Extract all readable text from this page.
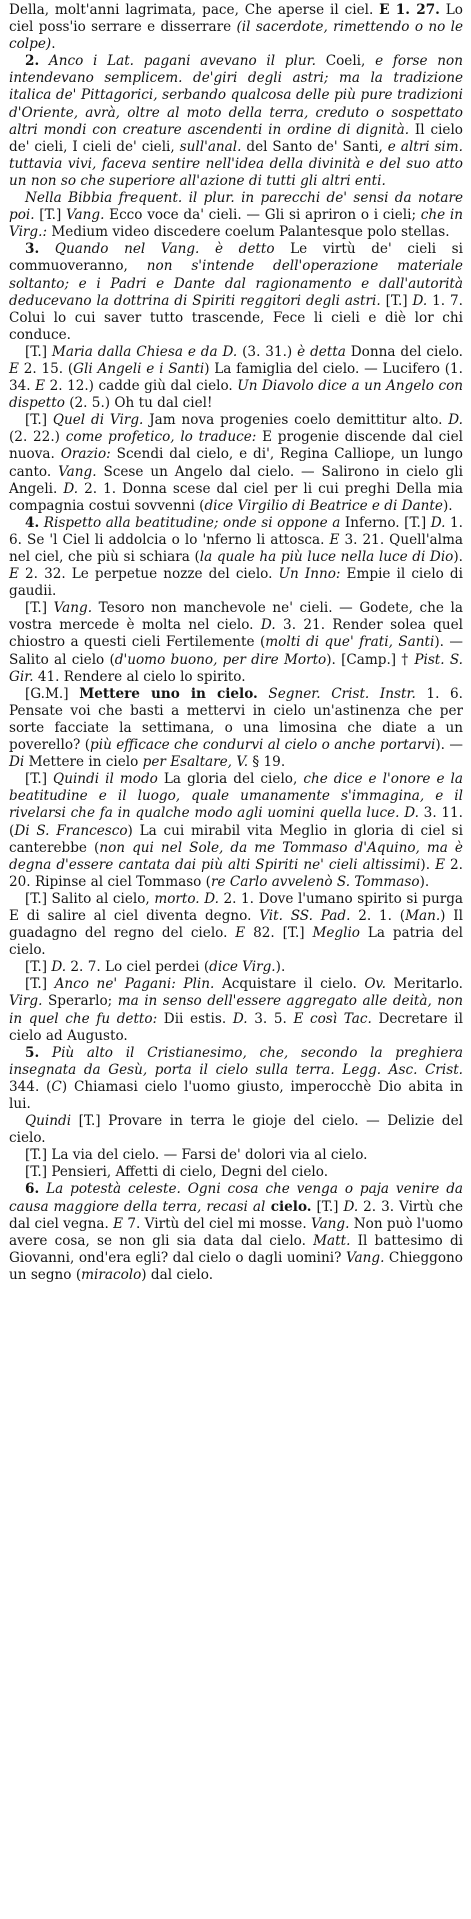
Della, molt'anni lagrimata, pace, Che aperse il ciel. E 1. 27. Lo ciel poss'io serrare e disserrare (il sacerdote, rimettendo o no le colpe).

2. Anco i Lat. pagani avevano il plur. Coeli, e forse non intendevano semplicem. de'giri degli astri; ma la tradizione italica de' Pittagorici, serbando qualcosa delle più pure tradizioni d'Oriente, avrà, oltre al moto della terra, creduto o sospettato altri mondi con creature ascendenti in ordine di dignità. Il cielo de' cieli, I cieli de' cieli, sull'anal. del Santo de' Santi, e altri sim. tuttavia vivi, faceva sentire nell'idea della divinità e del suo atto un non so che superiore all'azione di tutti gli altri enti.

Nella Bibbia frequent. il plur. in parecchi de' sensi da notare poi. [T.] Vang. Ecco voce da' cieli. — Gli si apriron o i cieli; che in Virg.: Medium video discedere coelum Palantesque polo stellas.

3. Quando nel Vang. è detto Le virtù de' cieli si commuoveranno, non s'intende dell'operazione materiale soltanto; e i Padri e Dante dal ragionamento e dall'autorità deducevano la dottrina di Spiriti reggitori degli astri. [T.] D. 1. 7. Colui lo cui saver tutto trascende, Fece li cieli e diè lor chi conduce.

[T.] Maria dalla Chiesa e da D. (3. 31.) è detta Donna del cielo. E 2. 15. (Gli Angeli e i Santi) La famiglia del cielo. — Lucifero (1. 34. E 2. 12.) cadde giù dal cielo. Un Diavolo dice a un Angelo con dispetto (2. 5.) Oh tu dal ciel!

[T.] Quel di Virg. Jam nova progenies coelo demittitur alto. D. (2. 22.) come profetico, lo traduce: E progenie discende dal ciel nuova. Orazio: Scendi dal cielo, e di', Regina Calliope, un lungo canto. Vang. Scese un Angelo dal cielo. — Salirono in cielo gli Angeli. D. 2. 1. Donna scese dal ciel per li cui preghi Della mia compagnia costui sovvenni (dice Virgilio di Beatrice e di Dante).

4. Rispetto alla beatitudine; onde si oppone a Inferno. [T.] D. 1. 6. Se 'l Ciel li addolcia o lo 'nferno li attosca. E 3. 21. Quell'alma nel ciel, che più si schiara (la quale ha più luce nella luce di Dio). E 2. 32. Le perpetue nozze del cielo. Un Inno: Empie il cielo di gaudii.

[T.] Vang. Tesoro non manchevole ne' cieli. — Godete, che la vostra mercede è molta nel cielo. D. 3. 21. Render solea quel chiostro a questi cieli Fertilemente (molti di que' frati, Santi). — Salito al cielo (d'uomo buono, per dire Morto). [Camp.] † Pist. S. Gir. 41. Rendere al cielo lo spirito.

[G.M.] Mettere uno in cielo. Segner. Crist. Instr. 1. 6. Pensate voi che basti a mettervi in cielo un'astinenza che per sorte facciate la settimana, o una limosina che diate a un poverello? (più efficace che condurvi al cielo o anche portarvi). — Di Mettere in cielo per Esaltare, V. § 19.

[T.] Quindi il modo La gloria del cielo, che dice e l'onore e la beatitudine e il luogo, quale umanamente s'immagina, e il rivelarsi che fa in qualche modo agli uomini quella luce. D. 3. 11. (Di S. Francesco) La cui mirabil vita Meglio in gloria di ciel si canterebbe (non qui nel Sole, da me Tommaso d'Aquino, ma è degna d'essere cantata dai più alti Spiriti ne' cieli altissimi). E 2. 20. Ripinse al ciel Tommaso (re Carlo avvelenò S. Tommaso).

[T.] Salito al cielo, morto. D. 2. 1. Dove l'umano spirito si purga E di salire al ciel diventa degno. Vit. SS. Pad. 2. 1. (Man.) Il guadagno del regno del cielo. E 82. [T.] Meglio La patria del cielo.

[T.] D. 2. 7. Lo ciel perdei (dice Virg.).

[T.] Anco ne' Pagani: Plin. Acquistare il cielo. Ov. Meritarlo. Virg. Sperarlo; ma in senso dell'essere aggregato alle deità, non in quel che fu detto: Dii estis. D. 3. 5. E così Tac. Decretare il cielo ad Augusto.

5. Più alto il Cristianesimo, che, secondo la preghiera insegnata da Gesù, porta il cielo sulla terra. Legg. Asc. Crist. 344. (C) Chiamasi cielo l'uomo giusto, imperocchè Dio abita in lui.

Quindi [T.] Provare in terra le gioje del cielo. — Delizie del cielo.

[T.] La via del cielo. — Farsi de' dolori via al cielo.

[T.] Pensieri, Affetti di cielo, Degni del cielo.

6. La potestà celeste. Ogni cosa che venga o paja venire da causa maggiore della terra, recasi al cielo. [T.] D. 2. 3. Virtù che dal ciel vegna. E 7. Virtù del ciel mi mosse. Vang. Non può l'uomo avere cosa, se non gli sia data dal cielo. Matt. Il battesimo di Giovanni, ond'era egli? dal cielo o dagli uomini? Vang. Chieggono un segno (miracolo) dal cielo.
